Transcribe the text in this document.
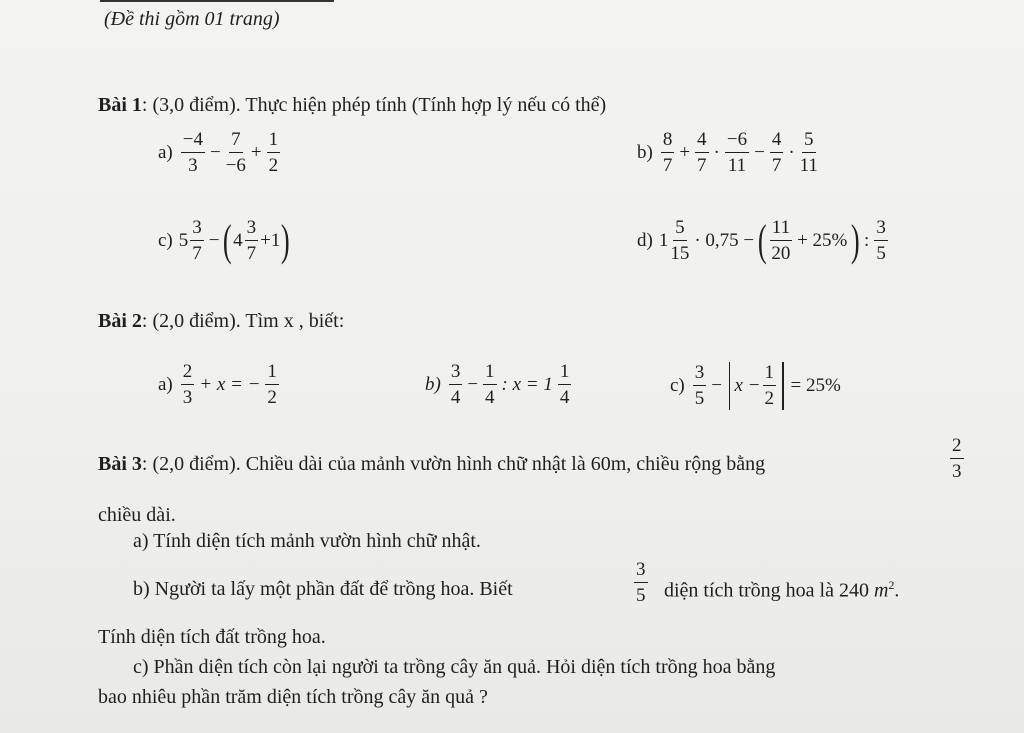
(Đề thi gồm 01 trang)
Bài 1: (3,0 điểm). Thực hiện phép tính (Tính hợp lý nếu có thể)
$a) \frac{-4}{3} - \frac{7}{-6} + \frac{1}{2}$	$b) \frac{8}{7} + \frac{4}{7} \cdot \frac{-6}{11} - \frac{4}{7} \cdot \frac{5}{11}$
c) $5 \frac{3}{7}$ − ( $4 \frac{3}{7} +1$ )	d) $1 \frac{5}{15} \cdot 0,75$ − ( $\frac{11}{20} + 25\%$ ) : $\frac{3}{5}$
Bài 2: (2,0 điểm). Tìm x , biết:
$a) \frac{2}{3} + x$ = − $\frac{1}{2}$	$b) \frac{3}{4} - \frac{1}{4}$ : $x = 1 \frac{1}{4}$	$c) \frac{3}{5} - x - \frac{1}{2} = 25\%$
Bài 3: (2,0 điểm). Chiều dài của mảnh vườn hình chữ nhật là 60m, chiều rộng bằng	$\frac{2}{3}$
chiều dài.
a) Tính diện tích mảnh vườn hình chữ nhật.
b) Người ta lấy một phần đất để trồng hoa. Biết	$\frac{3}{5}$ diện tích trồng hoa là 240 $m^2$.
Tính diện tích đất trồng hoa.
c) Phần diện tích còn lại người ta trồng cây ăn quả. Hỏi diện tích trồng hoa bằng
bao nhiêu phần trăm diện tích trồng cây ăn quả ?
